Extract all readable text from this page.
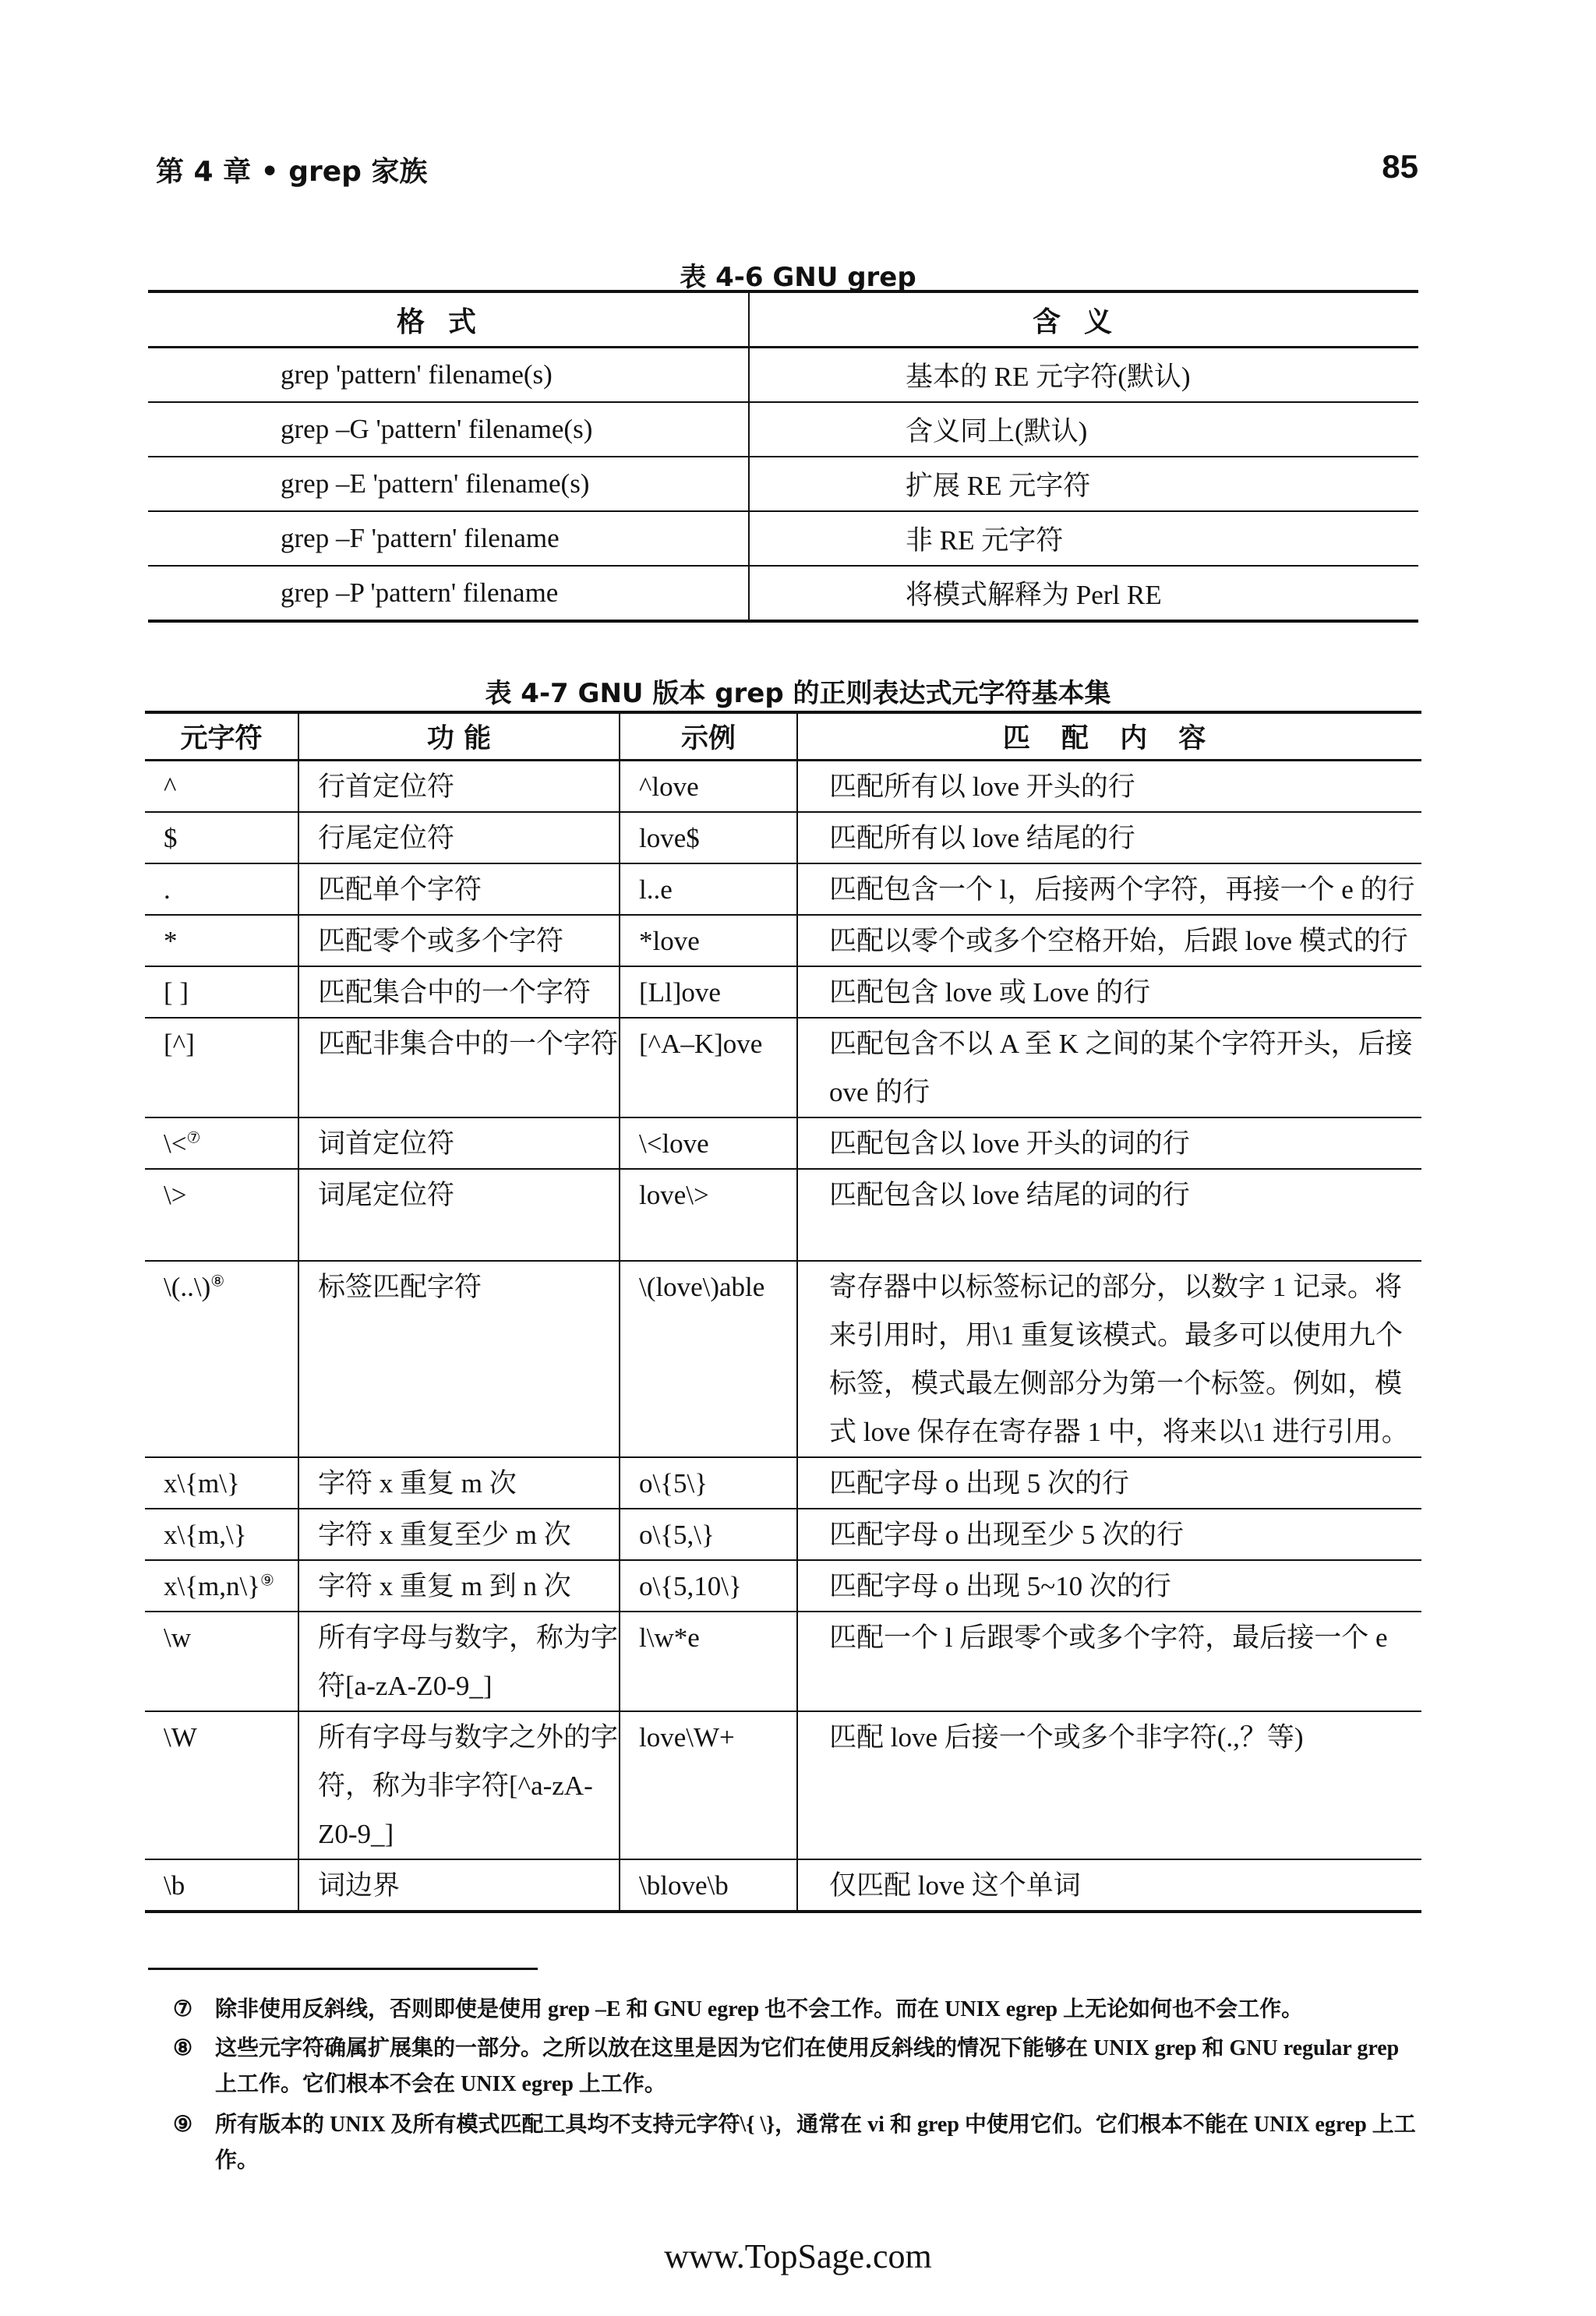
第 4 章 • grep 家族	85
表 4-6 GNU grep
格式	含义
grep 'pattern' filename(s)	基本的 RE 元字符(默认)
grep –G 'pattern' filename(s)	含义同上(默认)
grep –E 'pattern' filename(s)	扩展 RE 元字符
grep –F 'pattern' filename	非 RE 元字符
grep –P 'pattern' filename	将模式解释为 Perl RE
表 4-7 GNU 版本 grep 的正则表达式元字符基本集
元字符	功 能	示例	匹 配 内 容
^	行首定位符	^love	匹配所有以 love 开头的行
$	行尾定位符	love$	匹配所有以 love 结尾的行
.	匹配单个字符	l..e	匹配包含一个 l，后接两个字符，再接一个 e 的行
*	匹配零个或多个字符	*love	匹配以零个或多个空格开始，后跟 love 模式的行
[ ]	匹配集合中的一个字符	[Ll]ove	匹配包含 love 或 Love 的行
[^]	匹配非集合中的一个字符	[^A–K]ove	匹配包含不以 A 至 K 之间的某个字符开头，后接 ove 的行
\<⑦	词首定位符	\<love	匹配包含以 love 开头的词的行
\>	词尾定位符	love\>	匹配包含以 love 结尾的词的行
\(..\)⑧	标签匹配字符	\(love\)able	寄存器中以标签标记的部分，以数字 1 记录。将来引用时，用\1 重复该模式。最多可以使用九个标签，模式最左侧部分为第一个标签。例如，模式 love 保存在寄存器 1 中，将来以\1 进行引用。
x\{m\}	字符 x 重复 m 次	o\{5\}	匹配字母 o 出现 5 次的行
x\{m,\}	字符 x 重复至少 m 次	o\{5,\}	匹配字母 o 出现至少 5 次的行
x\{m,n\}⑨	字符 x 重复 m 到 n 次	o\{5,10\}	匹配字母 o 出现 5~10 次的行
\w	所有字母与数字，称为字符[a-zA-Z0-9_]	l\w*e	匹配一个 l 后跟零个或多个字符，最后接一个 e
\W	所有字母与数字之外的字符，称为非字符[^a-zA-Z0-9_]	love\W+	匹配 love 后接一个或多个非字符(.,？等)
\b	词边界	\blove\b	仅匹配 love 这个单词
⑦ 除非使用反斜线，否则即使是使用 grep –E 和 GNU egrep 也不会工作。而在 UNIX egrep 上无论如何也不会工作。
⑧ 这些元字符确属扩展集的一部分。之所以放在这里是因为它们在使用反斜线的情况下能够在 UNIX grep 和 GNU regular grep 上工作。它们根本不会在 UNIX egrep 上工作。
⑨ 所有版本的 UNIX 及所有模式匹配工具均不支持元字符\{ \}，通常在 vi 和 grep 中使用它们。它们根本不能在 UNIX egrep 上工作。
www.TopSage.com
